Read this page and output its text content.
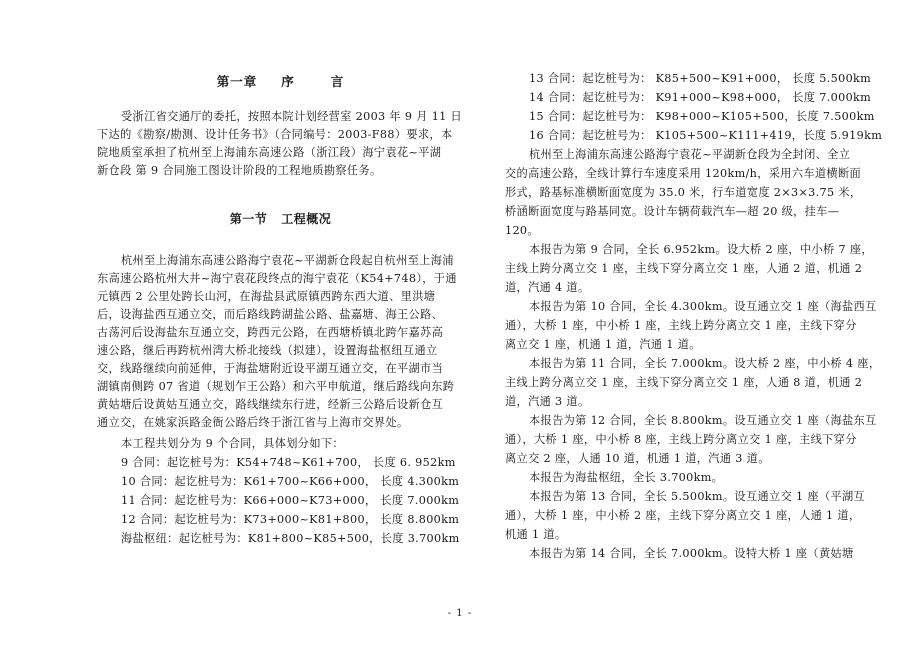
第一章 序	言
受浙江省交通厅的委托，按照本院计划经营室 2003 年 9 月 11 日
下达的《勘察/勘测、设计任务书》（合同编号：2003-F88）要求，本
院地质室承担了杭州至上海浦东高速公路（浙江段）海宁袁花~平湖
新仓段 第 9 合同施工图设计阶段的工程地质勘察任务。
第一节 工程概况
杭州至上海浦东高速公路海宁袁花~平湖新仓段起自杭州至上海浦
东高速公路杭州大井~海宁袁花段终点的海宁袁花（K54+748），于通
元镇西 2 公里处跨长山河，在海盐县武原镇西跨东西大道、里洪塘
后，设海盐西互通立交，而后路线跨湖盐公路、盐嘉塘、海王公路、
古荡河后设海盐东互通立交，跨西元公路，在西塘桥镇北跨乍嘉苏高
速公路，继后再跨杭州湾大桥北接线（拟建），设置海盐枢纽互通立
交，线路继续向前延伸，于海盐塘附近设平湖互通立交，在平湖市当
湖镇南侧跨 07 省道（规划乍王公路）和六平申航道，继后路线向东跨
黄姑塘后设黄姑互通立交，路线继续东行进，经新三公路后设新仓互
通立交，在姚家浜路金衙公路后终于浙江省与上海市交界处。
本工程共划分为 9 个合同，具体划分如下：
9 合同：起讫桩号为：K54+748~K61+700， 长度 6. 952km
10 合同：起讫桩号为：K61+700~K66+000， 长度 4.300km
11 合同：起讫桩号为：K66+000~K73+000， 长度 7.000km
12 合同：起讫桩号为：K73+000~K81+800， 长度 8.800km
海盐枢纽：起讫桩号为：K81+800~K85+500，长度 3.700km
13 合同：起讫桩号为： K85+500~K91+000， 长度 5.500km
14 合同：起讫桩号为： K91+000~K98+000， 长度 7.000km
15 合同：起讫桩号为： K98+000~K105+500，长度 7.500km
16 合同：起讫桩号为： K105+500~K111+419，长度 5.919km
杭州至上海浦东高速公路海宁袁花~平湖新仓段为全封闭、全立
交的高速公路，全线计算行车速度采用 120km/h，采用六车道横断面
形式，路基标准横断面宽度为 35.0 米，行车道宽度 2×3×3.75 米，
桥涵断面宽度与路基同宽。设计车辆荷载汽车—超 20 级，挂车—
120。
本报告为第 9 合同，全长 6.952km。设大桥 2 座，中小桥 7 座，
主线上跨分离立交 1 座，主线下穿分离立交 1 座，人通 2 道，机通 2
道，汽通 4 道。
本报告为第 10 合同，全长 4.300km。设互通立交 1 座（海盐西互
通），大桥 1 座，中小桥 1 座，主线上跨分离立交 1 座，主线下穿分
离立交 1 座，机通 1 道，汽通 1 道。
本报告为第 11 合同，全长 7.000km。设大桥 2 座，中小桥 4 座，
主线上跨分离立交 1 座，主线下穿分离立交 1 座，人通 8 道，机通 2
道，汽通 3 道。
本报告为第 12 合同，全长 8.800km。设互通立交 1 座（海盐东互
通），大桥 1 座，中小桥 8 座，主线上跨分离立交 1 座，主线下穿分
离立交 2 座，人通 10 道，机通 1 道，汽通 3 道。
本报告为海盐枢纽，全长 3.700km。
本报告为第 13 合同，全长 5.500km。设互通立交 1 座（平湖互
通），大桥 1 座，中小桥 2 座，主线下穿分离立交 1 座，人通 1 道，
机通 1 道。
本报告为第 14 合同，全长 7.000km。设特大桥 1 座（黄姑塘
- 1 -
